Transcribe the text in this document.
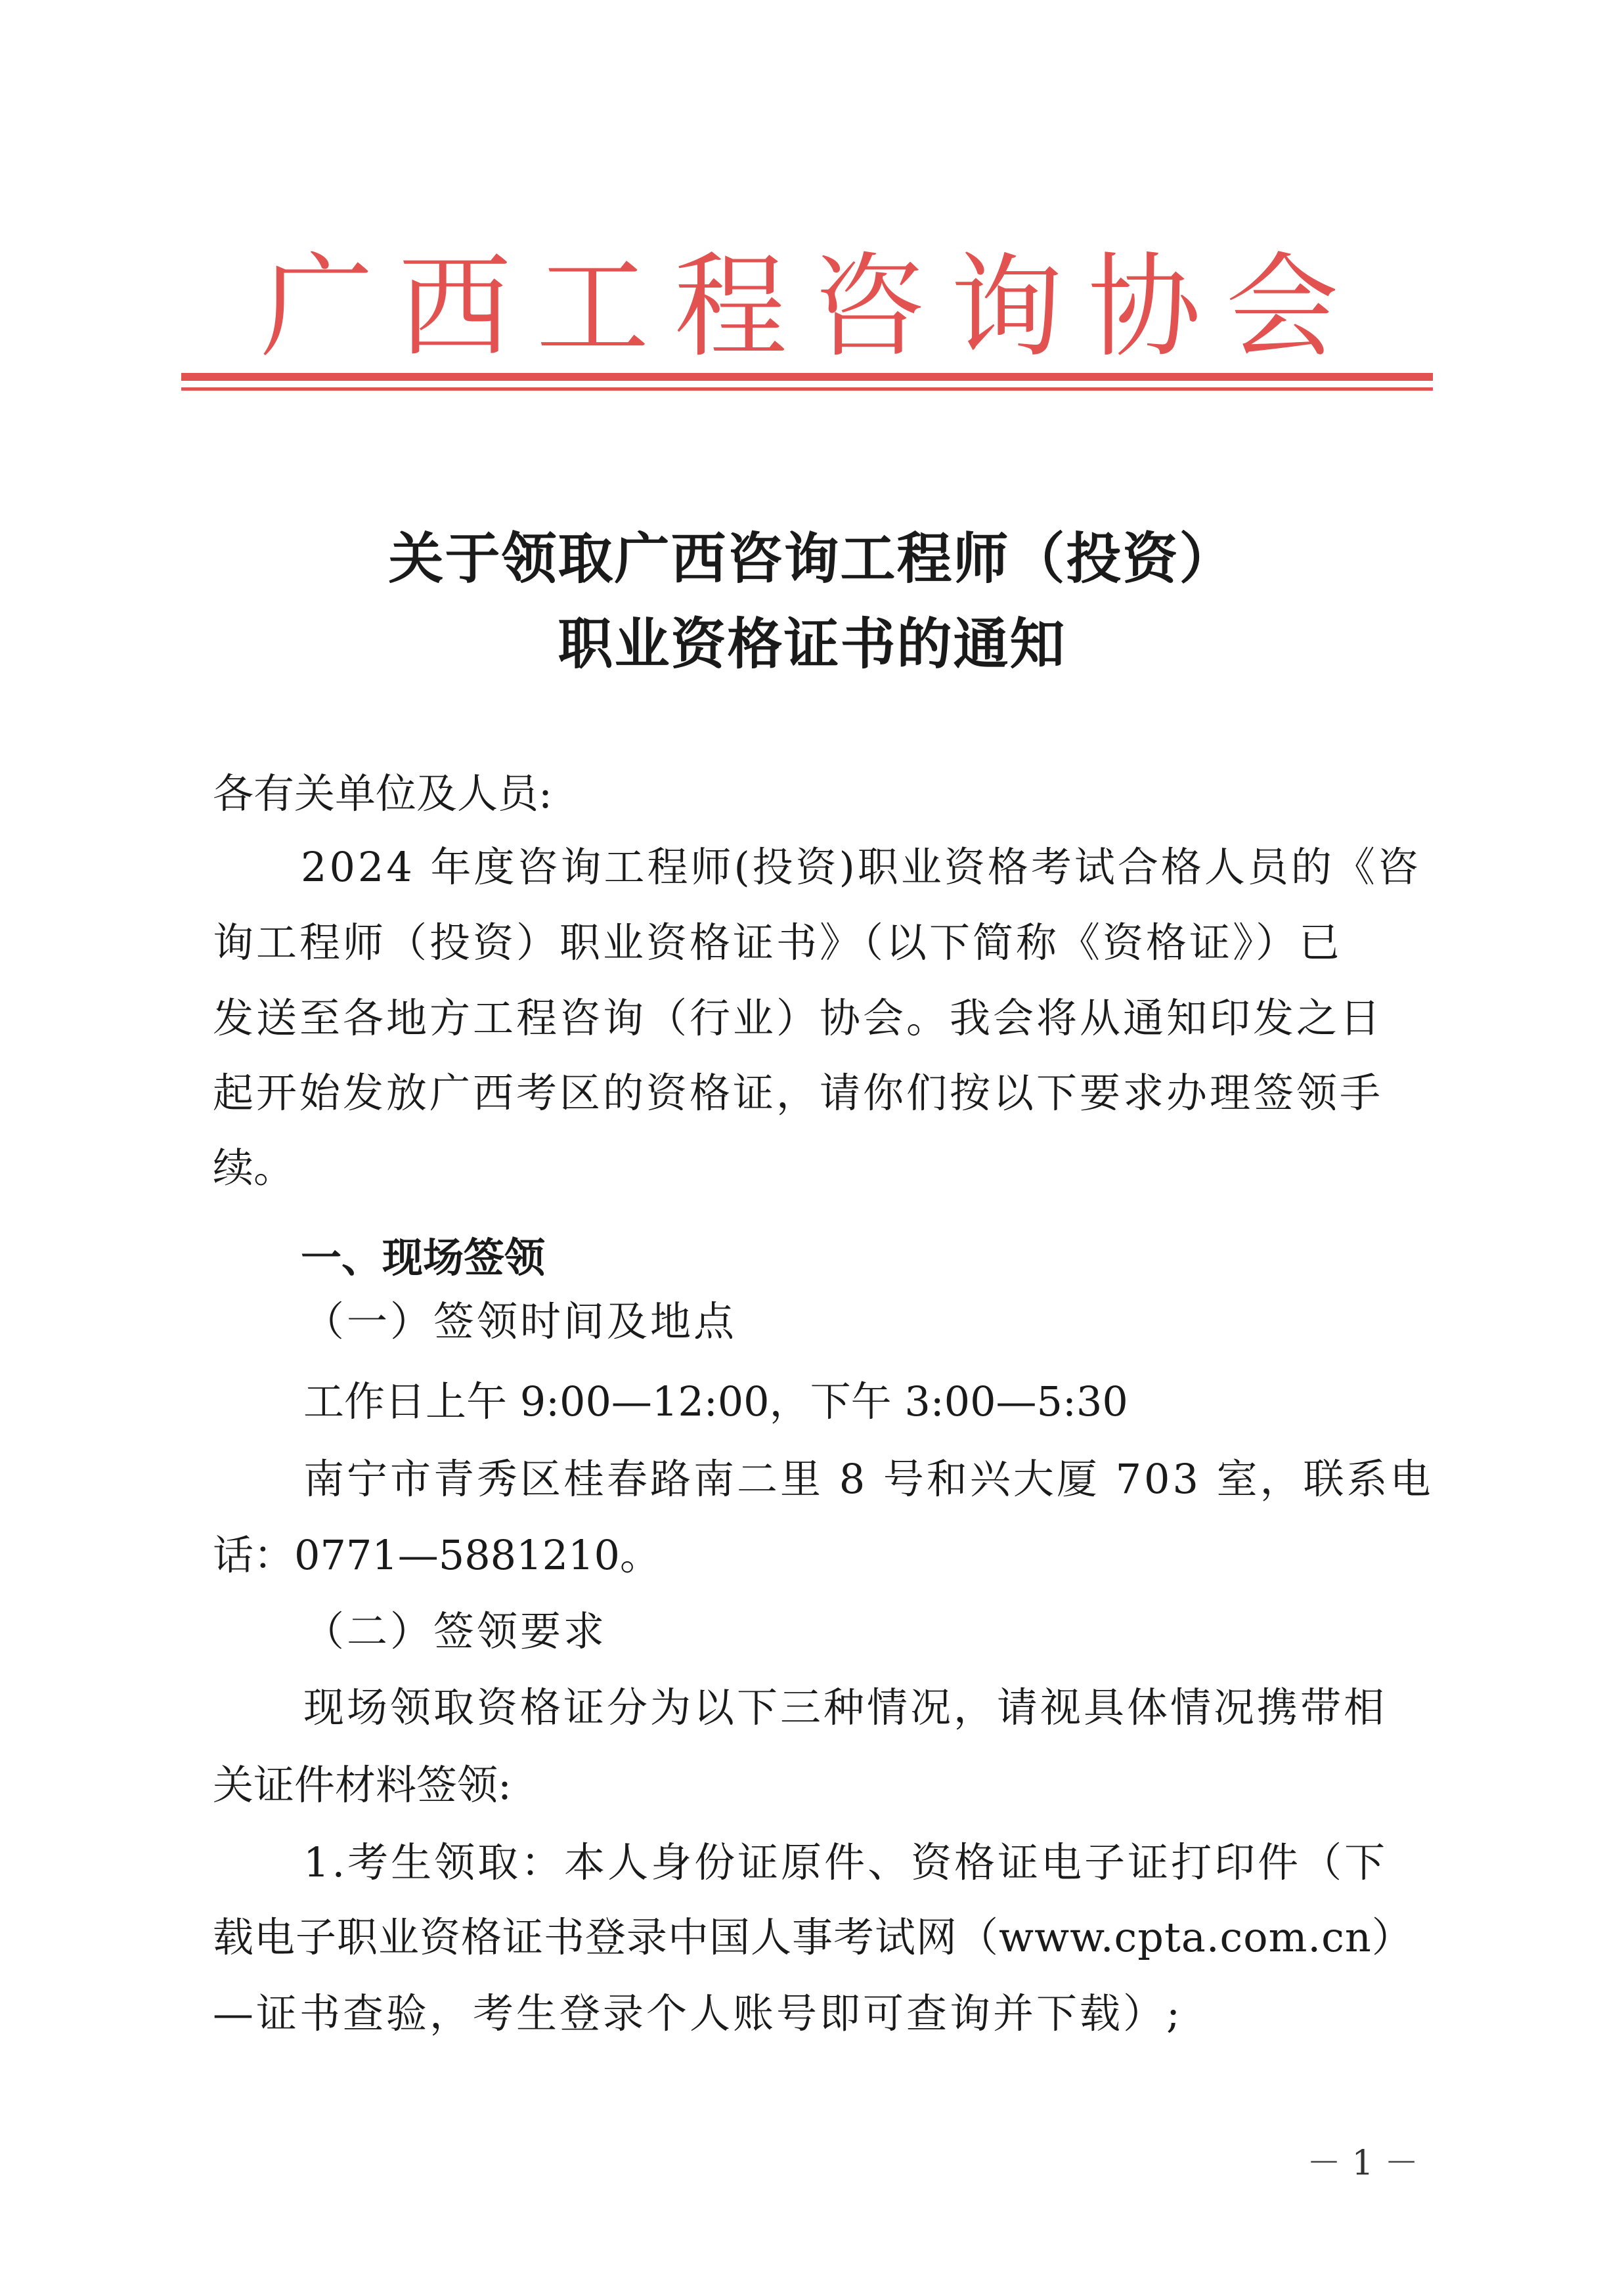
广西工程咨询协会
关于领取广西咨询工程师（投资）
职业资格证书的通知
各有关单位及人员:
2024 年度咨询工程师(投资)职业资格考试合格人员的《咨
询工程师（投资）职业资格证书》（以下简称《资格证》）已
发送至各地方工程咨询（行业）协会。我会将从通知印发之日
起开始发放广西考区的资格证，请你们按以下要求办理签领手
续。
一、现场签领
（一）签领时间及地点
工作日上午 9:00—12:00，下午 3:00—5:30
南宁市青秀区桂春路南二里 8 号和兴大厦 703 室，联系电
话：0771—5881210。
（二）签领要求
现场领取资格证分为以下三种情况，请视具体情况携带相
关证件材料签领:
1.考生领取：本人身份证原件、资格证电子证打印件（下
载电子职业资格证书登录中国人事考试网（www.cpta.com.cn）
—证书查验，考生登录个人账号即可查询并下载）;
－ 1 －
